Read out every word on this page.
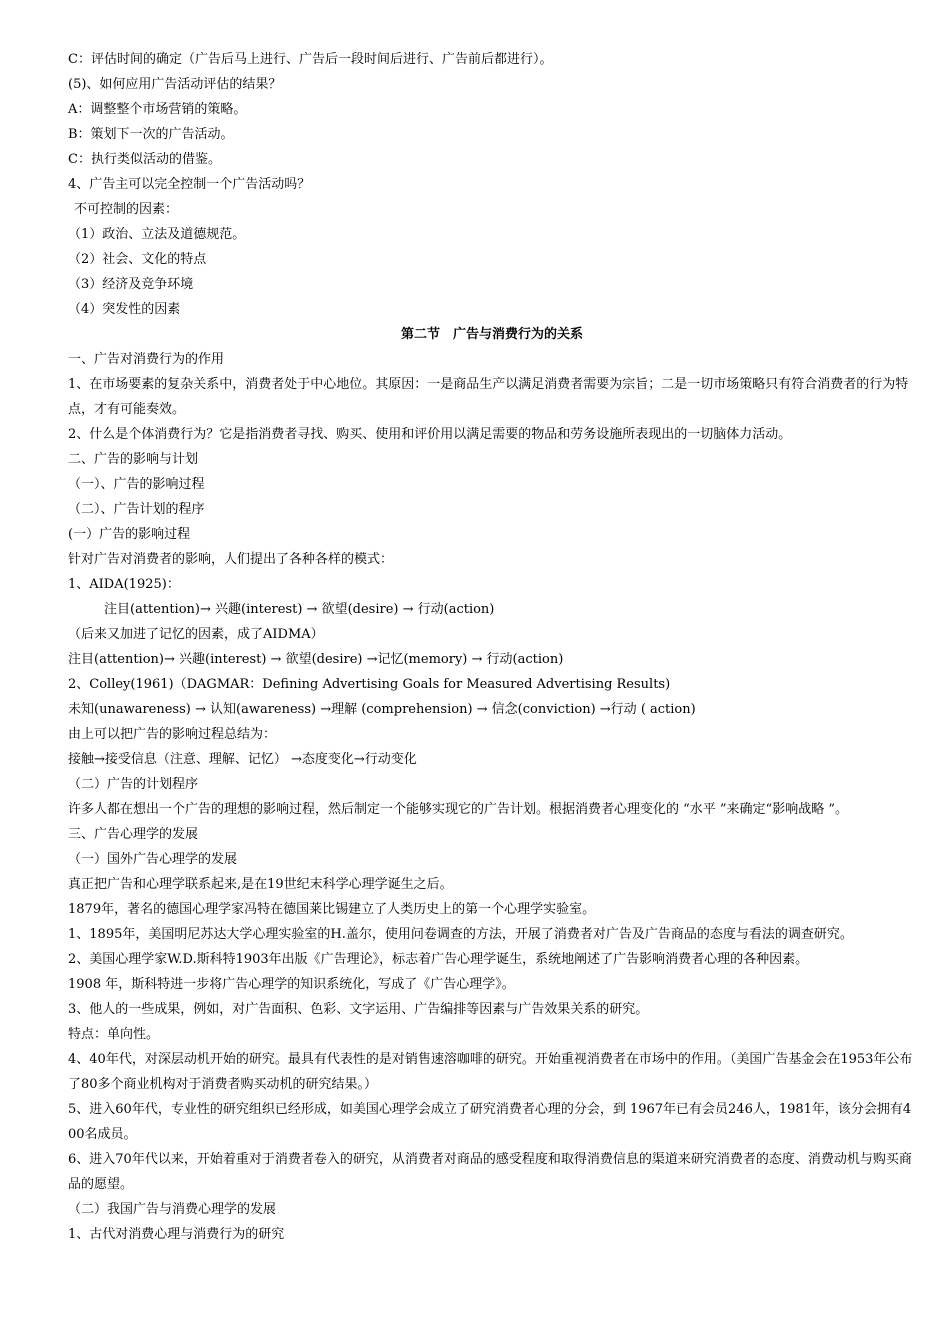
C：评估时间的确定（广告后马上进行、广告后一段时间后进行、广告前后都进行）。
(5)、如何应用广告活动评估的结果？
A：调整整个市场营销的策略。
B：策划下一次的广告活动。
C：执行类似活动的借鉴。
4、广告主可以完全控制一个广告活动吗？
不可控制的因素：
（1）政治、立法及道德规范。
（2）社会、文化的特点
（3）经济及竞争环境
（4）突发性的因素
第二节　广告与消费行为的关系
一、广告对消费行为的作用
1、在市场要素的复杂关系中，消费者处于中心地位。其原因：一是商品生产以满足消费者需要为宗旨；二是一切市场策略只有符合消费者的行为特点，才有可能奏效。
2、什么是个体消费行为？它是指消费者寻找、购买、使用和评价用以满足需要的物品和劳务设施所表现出的一切脑体力活动。
二、广告的影响与计划
（一）、广告的影响过程
（二）、广告计划的程序
(一）广告的影响过程
针对广告对消费者的影响，人们提出了各种各样的模式：
1、AIDA(1925)：
注目(attention)→ 兴趣(interest) → 欲望(desire) → 行动(action)
（后来又加进了记忆的因素，成了AIDMA）
注目(attention)→ 兴趣(interest) → 欲望(desire) →记忆(memory) → 行动(action)
2、Colley(1961)（DAGMAR：Defining Advertising Goals for Measured Advertising Results)
未知(unawareness) → 认知(awareness) →理解 (comprehension) → 信念(conviction) →行动 ( action)
由上可以把广告的影响过程总结为：
接触→接受信息（注意、理解、记忆） →态度变化→行动变化
（二）广告的计划程序
许多人都在想出一个广告的理想的影响过程，然后制定一个能够实现它的广告计划。根据消费者心理变化的 “水平 ”来确定“影响战略 ”。
三、广告心理学的发展
（一）国外广告心理学的发展
真正把广告和心理学联系起来,是在19世纪末科学心理学诞生之后。
1879年，著名的德国心理学家冯特在德国莱比锡建立了人类历史上的第一个心理学实验室。
1、1895年，美国明尼苏达大学心理实验室的H.盖尔，使用问卷调查的方法，开展了消费者对广告及广告商品的态度与看法的调查研究。
2、美国心理学家W.D.斯科特1903年出版《广告理论》，标志着广告心理学诞生，系统地阐述了广告影响消费者心理的各种因素。
1908 年，斯科特进一步将广告心理学的知识系统化，写成了《广告心理学》。
3、他人的一些成果，例如，对广告面积、色彩、文字运用、广告编排等因素与广告效果关系的研究。
特点：单向性。
4、40年代，对深层动机开始的研究。最具有代表性的是对销售速溶咖啡的研究。开始重视消费者在市场中的作用。（美国广告基金会在1953年公布了80多个商业机构对于消费者购买动机的研究结果。）
5、进入60年代，专业性的研究组织已经形成，如美国心理学会成立了研究消费者心理的分会，到 1967年已有会员246人，1981年，该分会拥有400名成员。
6、进入70年代以来，开始着重对于消费者卷入的研究，从消费者对商品的感受程度和取得消费信息的渠道来研究消费者的态度、消费动机与购买商品的愿望。
（二）我国广告与消费心理学的发展
1、古代对消费心理与消费行为的研究
